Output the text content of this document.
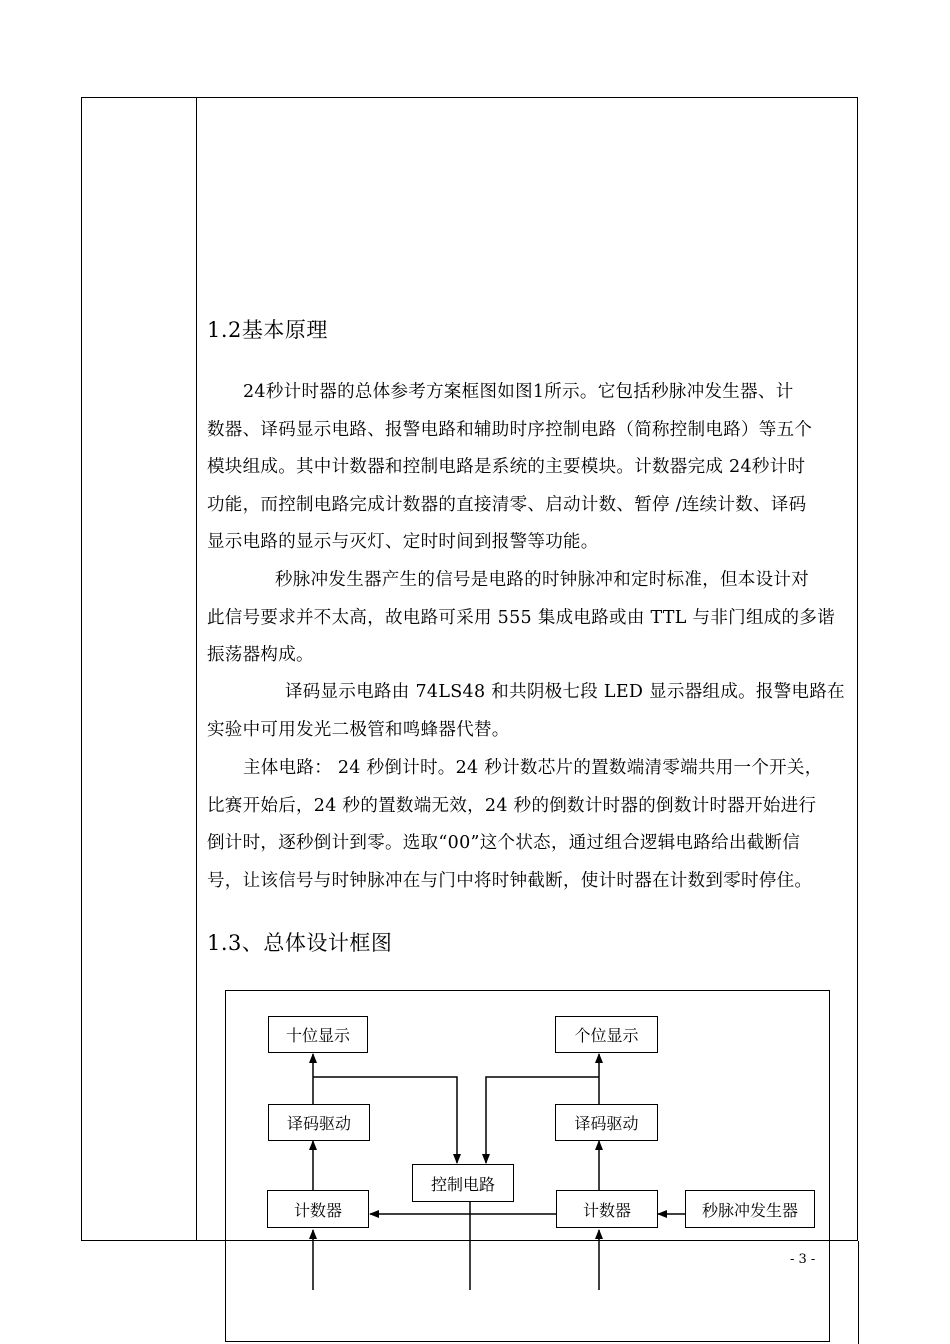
1.2基本原理
24秒计时器的总体参考方案框图如图1所示。它包括秒脉冲发生器、计
数器、译码显示电路、报警电路和辅助时序控制电路（简称控制电路）等五个
模块组成。其中计数器和控制电路是系统的主要模块。计数器完成 24秒计时
功能，而控制电路完成计数器的直接清零、启动计数、暂停 /连续计数、译码
显示电路的显示与灭灯、定时时间到报警等功能。
秒脉冲发生器产生的信号是电路的时钟脉冲和定时标准，但本设计对
此信号要求并不太高，故电路可采用 555 集成电路或由 TTL 与非门组成的多谐
振荡器构成。
译码显示电路由 74LS48 和共阴极七段 LED 显示器组成。报警电路在
实验中可用发光二极管和鸣蜂器代替。
主体电路： 24 秒倒计时。24 秒计数芯片的置数端清零端共用一个开关，
比赛开始后，24 秒的置数端无效，24 秒的倒数计时器的倒数计时器开始进行
倒计时，逐秒倒计到零。选取“00”这个状态，通过组合逻辑电路给出截断信
号，让该信号与时钟脉冲在与门中将时钟截断，使计时器在计数到零时停住。
1.3、总体设计框图
十位显示	个位显示
译码驱动	译码驱动
控制电路
计数器	计数器	秒脉冲发生器
- 3 -
